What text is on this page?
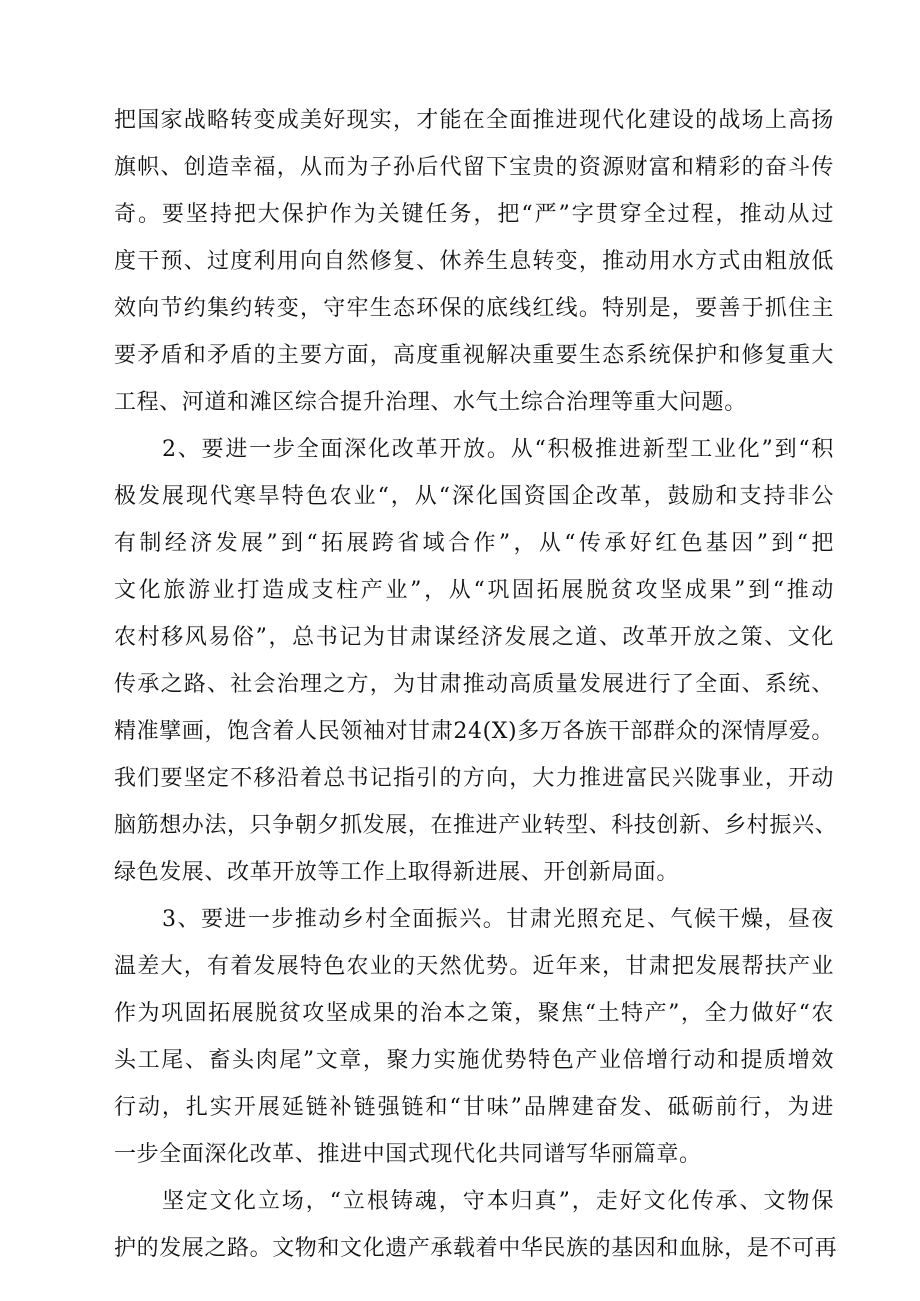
把国家战略转变成美好现实，才能在全面推进现代化建设的战场上高扬
旗帜、创造幸福，从而为子孙后代留下宝贵的资源财富和精彩的奋斗传
奇。要坚持把大保护作为关键任务，把“严”字贯穿全过程，推动从过
度干预、过度利用向自然修复、休养生息转变，推动用水方式由粗放低
效向节约集约转变，守牢生态环保的底线红线。特别是，要善于抓住主
要矛盾和矛盾的主要方面，高度重视解决重要生态系统保护和修复重大
工程、河道和滩区综合提升治理、水气土综合治理等重大问题。
2、要进一步全面深化改革开放。从“积极推进新型工业化”到“积
极发展现代寒旱特色农业“，从“深化国资国企改革，鼓励和支持非公
有制经济发展”到“拓展跨省域合作”，从“传承好红色基因”到“把
文化旅游业打造成支柱产业”，从“巩固拓展脱贫攻坚成果”到“推动
农村移风易俗”，总书记为甘肃谋经济发展之道、改革开放之策、文化
传承之路、社会治理之方，为甘肃推动高质量发展进行了全面、系统、
精准擘画，饱含着人民领袖对甘肃24(X)多万各族干部群众的深情厚爱。
我们要坚定不移沿着总书记指引的方向，大力推进富民兴陇事业，开动
脑筋想办法，只争朝夕抓发展，在推进产业转型、科技创新、乡村振兴、
绿色发展、改革开放等工作上取得新进展、开创新局面。
3、要进一步推动乡村全面振兴。甘肃光照充足、气候干燥，昼夜
温差大，有着发展特色农业的天然优势。近年来，甘肃把发展帮扶产业
作为巩固拓展脱贫攻坚成果的治本之策，聚焦“土特产”，全力做好“农
头工尾、畜头肉尾”文章，聚力实施优势特色产业倍增行动和提质增效
行动，扎实开展延链补链强链和“甘味”品牌建奋发、砥砺前行，为进
一步全面深化改革、推进中国式现代化共同谱写华丽篇章。
坚定文化立场，“立根铸魂，守本归真”，走好文化传承、文物保
护的发展之路。文物和文化遗产承载着中华民族的基因和血脉，是不可再
